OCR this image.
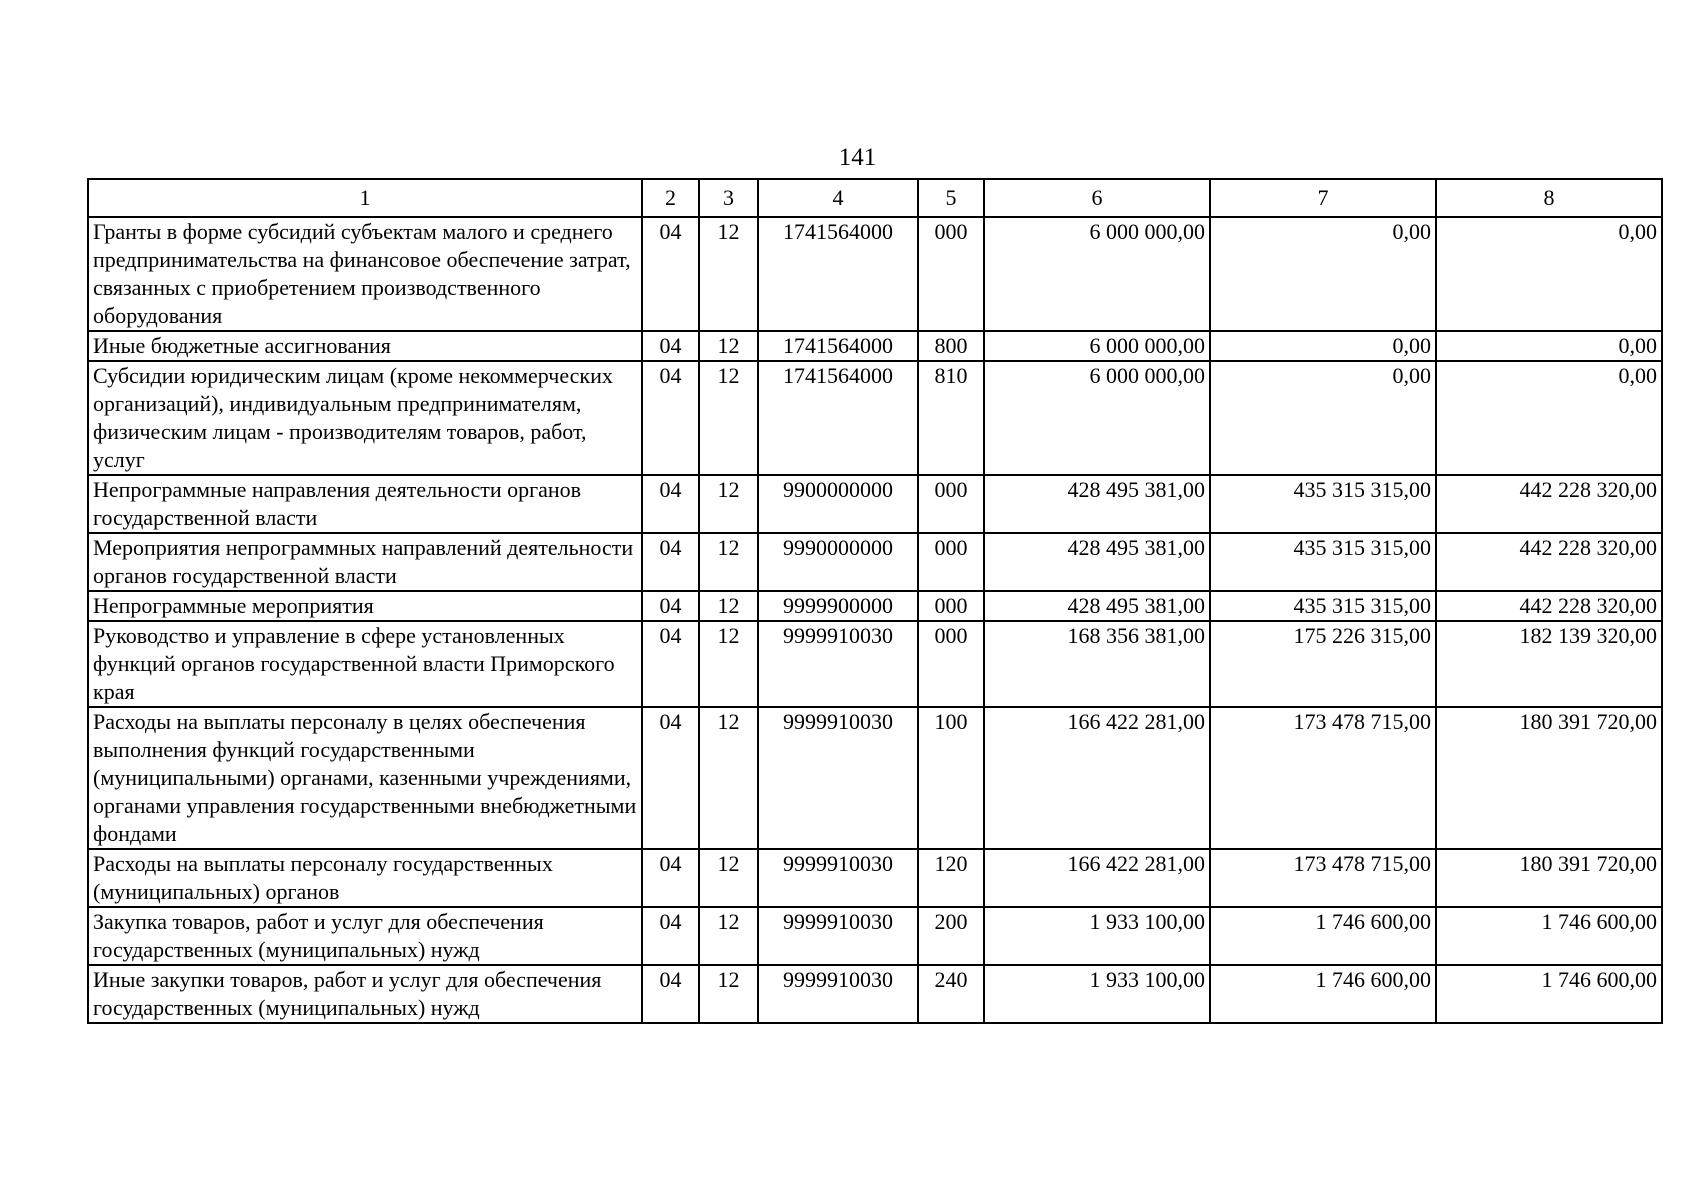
141
1	2	3	4	5	6	7	8
Гранты в форме субсидий субъектам малого и среднего предпринимательства на финансовое обеспечение затрат, связанных с приобретением производственного оборудования	04	12	1741564000	000	6 000 000,00	0,00	0,00
Иные бюджетные ассигнования	04	12	1741564000	800	6 000 000,00	0,00	0,00
Субсидии юридическим лицам (кроме некоммерческих организаций), индивидуальным предпринимателям, физическим лицам - производителям товаров, работ, услуг	04	12	1741564000	810	6 000 000,00	0,00	0,00
Непрограммные направления деятельности органов государственной власти	04	12	9900000000	000	428 495 381,00	435 315 315,00	442 228 320,00
Мероприятия непрограммных направлений деятельности органов государственной власти	04	12	9990000000	000	428 495 381,00	435 315 315,00	442 228 320,00
Непрограммные мероприятия	04	12	9999900000	000	428 495 381,00	435 315 315,00	442 228 320,00
Руководство и управление в сфере установленных функций органов государственной власти Приморского края	04	12	9999910030	000	168 356 381,00	175 226 315,00	182 139 320,00
Расходы на выплаты персоналу в целях обеспечения выполнения функций государственными (муниципальными) органами, казенными учреждениями, органами управления государственными внебюджетными фондами	04	12	9999910030	100	166 422 281,00	173 478 715,00	180 391 720,00
Расходы на выплаты персоналу государственных (муниципальных) органов	04	12	9999910030	120	166 422 281,00	173 478 715,00	180 391 720,00
Закупка товаров, работ и услуг для обеспечения государственных (муниципальных) нужд	04	12	9999910030	200	1 933 100,00	1 746 600,00	1 746 600,00
Иные закупки товаров, работ и услуг для обеспечения государственных (муниципальных) нужд	04	12	9999910030	240	1 933 100,00	1 746 600,00	1 746 600,00
